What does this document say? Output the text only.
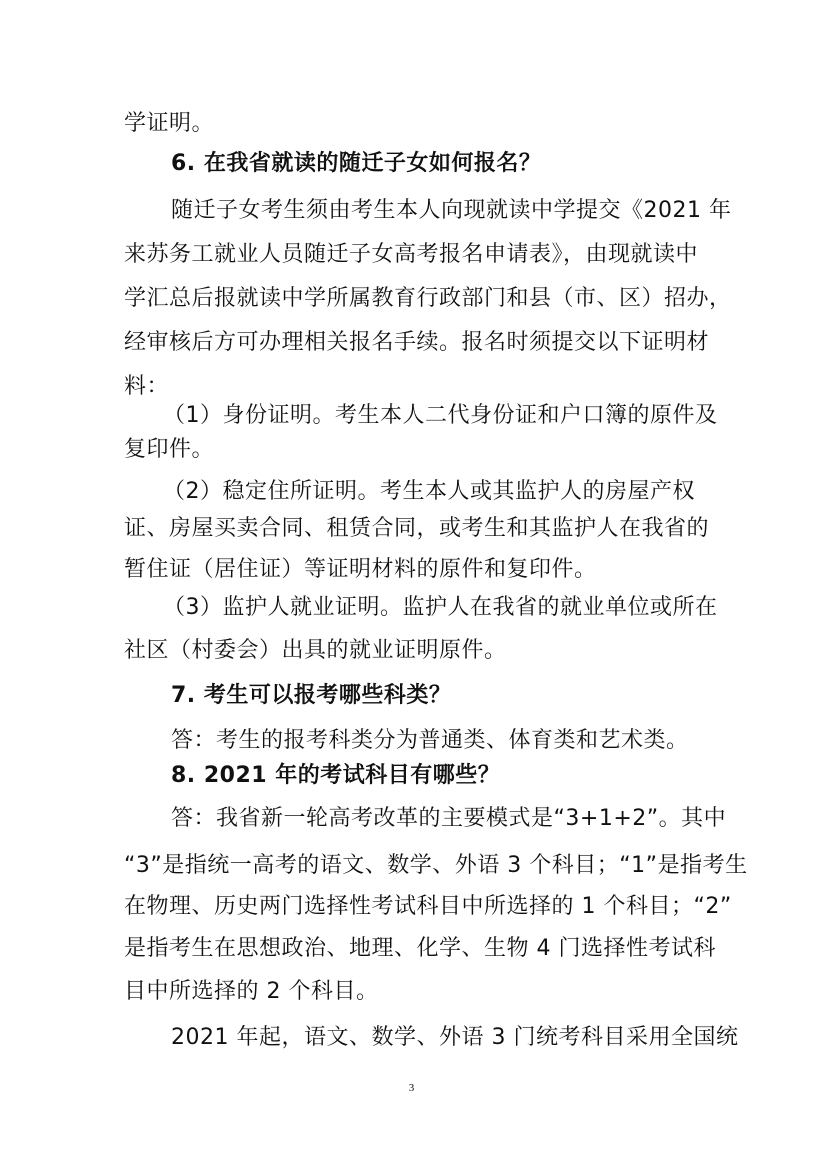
学证明。
6. 在我省就读的随迁子女如何报名？
随迁子女考生须由考生本人向现就读中学提交《2021 年
来苏务工就业人员随迁子女高考报名申请表》，由现就读中
学汇总后报就读中学所属教育行政部门和县（市、区）招办，
经审核后方可办理相关报名手续。报名时须提交以下证明材
料：
（1）身份证明。考生本人二代身份证和户口簿的原件及
复印件。
（2）稳定住所证明。考生本人或其监护人的房屋产权
证、房屋买卖合同、租赁合同，或考生和其监护人在我省的
暂住证（居住证）等证明材料的原件和复印件。
（3）监护人就业证明。监护人在我省的就业单位或所在
社区（村委会）出具的就业证明原件。
7. 考生可以报考哪些科类？
答：考生的报考科类分为普通类、体育类和艺术类。
8. 2021 年的考试科目有哪些？
答：我省新一轮高考改革的主要模式是“3+1+2”。其中
“3”是指统一高考的语文、数学、外语 3 个科目；“1”是指考生
在物理、历史两门选择性考试科目中所选择的 1 个科目；“2”
是指考生在思想政治、地理、化学、生物 4 门选择性考试科
目中所选择的 2 个科目。
2021 年起，语文、数学、外语 3 门统考科目采用全国统
3
